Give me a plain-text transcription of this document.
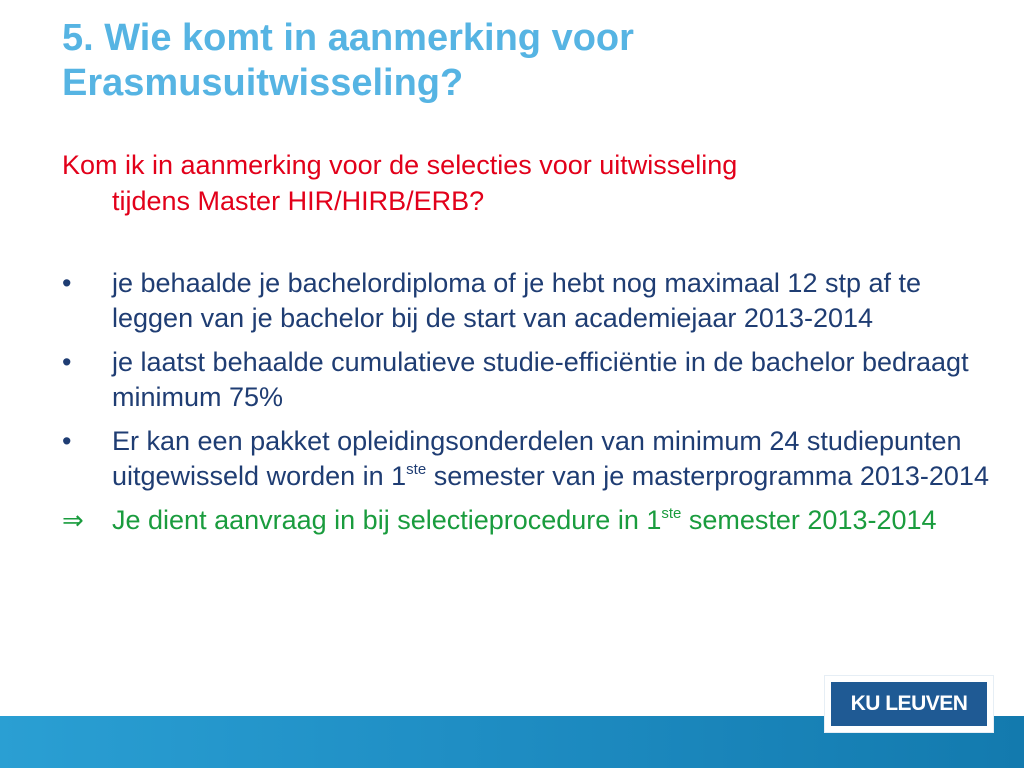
5. Wie komt in aanmerking voor
Erasmusuitwisseling?

Kom ik in aanmerking voor de selecties voor uitwisseling
tijdens Master HIR/HIRB/ERB?

•	je behaalde je bachelordiploma of je hebt nog maximaal 12 stp af te leggen van je bachelor bij de start van academiejaar 2013-2014
•	je laatst behaalde cumulatieve studie-efficiëntie in de bachelor bedraagt minimum 75%
•	Er kan een pakket opleidingsonderdelen van minimum 24 studiepunten uitgewisseld worden in 1ste semester van je masterprogramma 2013-2014
⇒	Je dient aanvraag in bij selectieprocedure in 1ste semester 2013-2014
KU LEUVEN
